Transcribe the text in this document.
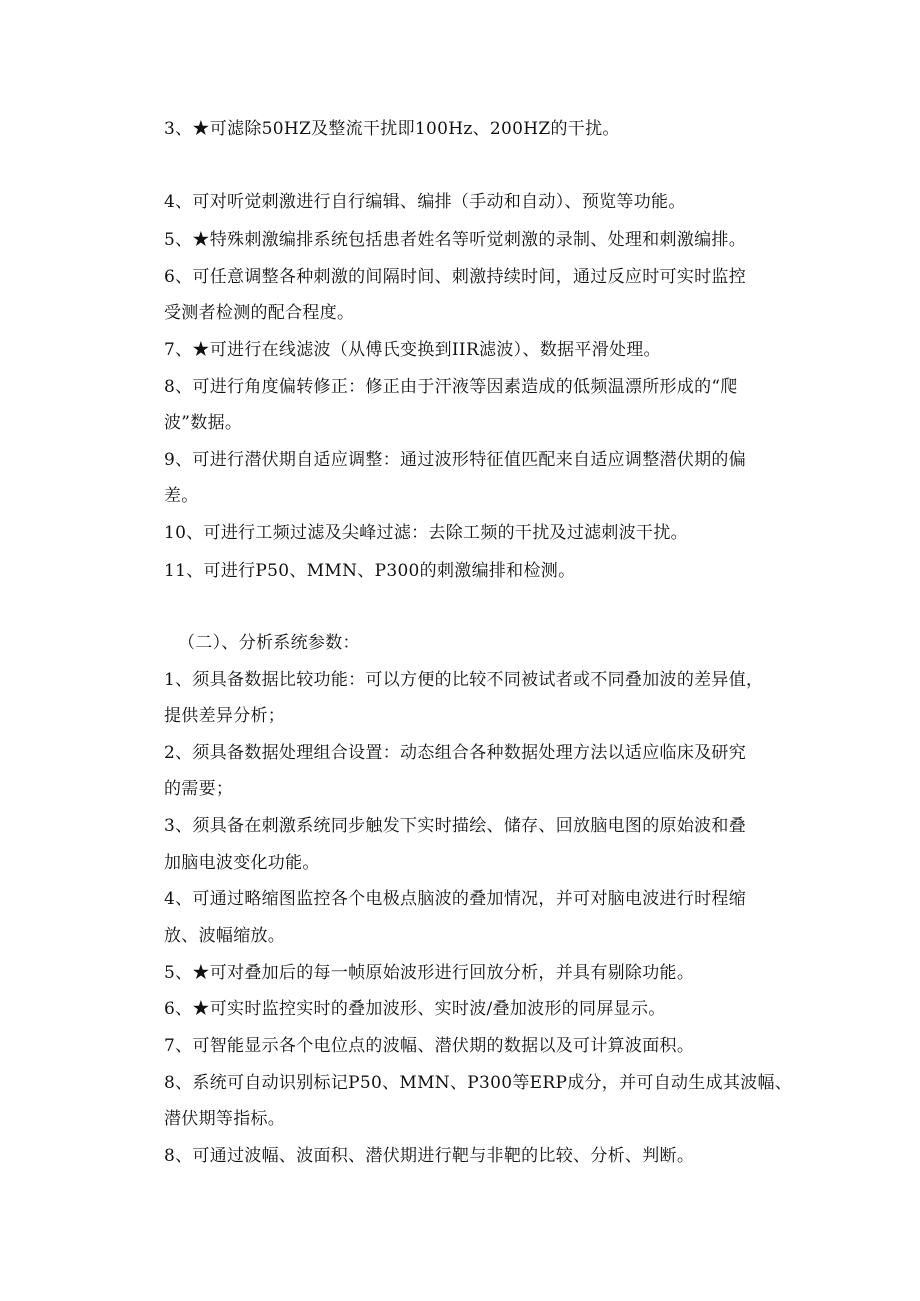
3、★可滤除50HZ及整流干扰即100Hz、200HZ的干扰。
4、可对听觉刺激进行自行编辑、编排（手动和自动）、预览等功能。
5、★特殊刺激编排系统包括患者姓名等听觉刺激的录制、处理和刺激编排。
6、可任意调整各种刺激的间隔时间、刺激持续时间，通过反应时可实时监控
受测者检测的配合程度。
7、★可进行在线滤波（从傅氏变换到IIR滤波）、数据平滑处理。
8、可进行角度偏转修正：修正由于汗液等因素造成的低频温漂所形成的“爬
波”数据。
9、可进行潜伏期自适应调整：通过波形特征值匹配来自适应调整潜伏期的偏
差。
10、可进行工频过滤及尖峰过滤：去除工频的干扰及过滤刺波干扰。
11、可进行P50、MMN、P300的刺激编排和检测。
（二）、分析系统参数：
1、须具备数据比较功能：可以方便的比较不同被试者或不同叠加波的差异值，
提供差异分析；
2、须具备数据处理组合设置：动态组合各种数据处理方法以适应临床及研究
的需要；
3、须具备在刺激系统同步触发下实时描绘、储存、回放脑电图的原始波和叠
加脑电波变化功能。
4、可通过略缩图监控各个电极点脑波的叠加情况，并可对脑电波进行时程缩
放、波幅缩放。
5、★可对叠加后的每一帧原始波形进行回放分析，并具有剔除功能。
6、★可实时监控实时的叠加波形、实时波/叠加波形的同屏显示。
7、可智能显示各个电位点的波幅、潜伏期的数据以及可计算波面积。
8、系统可自动识别标记P50、MMN、P300等ERP成分，并可自动生成其波幅、
潜伏期等指标。
8、可通过波幅、波面积、潜伏期进行靶与非靶的比较、分析、判断。
